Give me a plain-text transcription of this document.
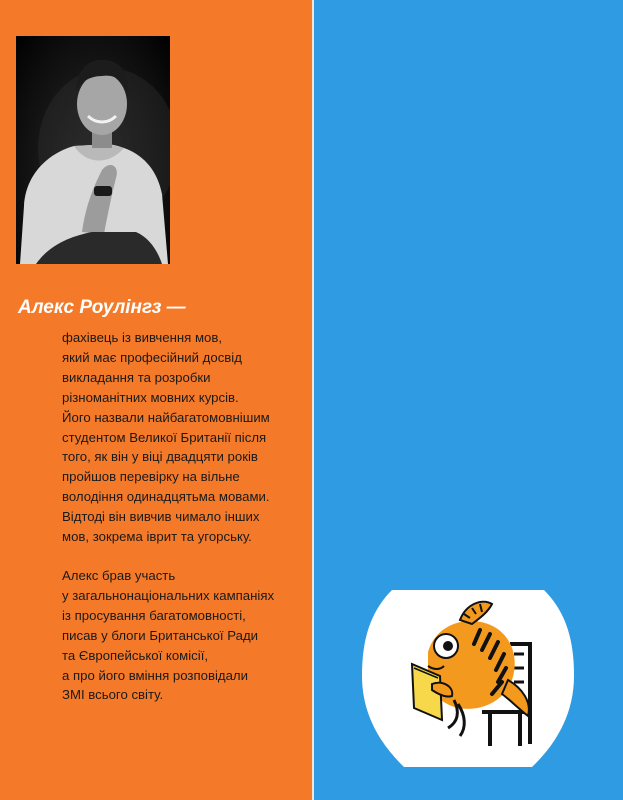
Алекс Роулінгз —

фахівець із вивчення мов,
який має професійний досвід
викладання та розробки
різноманітних мовних курсів.
Його назвали найбагатомовнішим
студентом Великої Британії після
того, як він у віці двадцяти років
пройшов перевірку на вільне
володіння одинадцятьма мовами.
Відтоді він вивчив чимало інших
мов, зокрема іврит та угорську.

Алекс брав участь
у загальнонаціональних кампаніях
із просування багатомовності,
писав у блоги Британської Ради
та Європейської комісії,
а про його вміння розповідали
ЗМІ всього світу.
